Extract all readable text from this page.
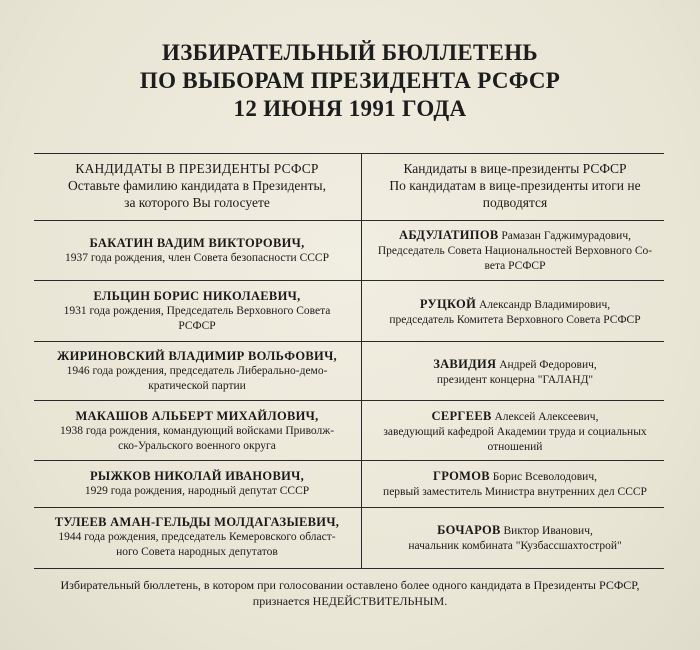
ИЗБИРАТЕЛЬНЫЙ БЮЛЛЕТЕНЬ
ПО ВЫБОРАМ ПРЕЗИДЕНТА РСФСР
12 ИЮНЯ 1991 ГОДА
КАНДИДАТЫ В ПРЕЗИДЕНТЫ РСФСР
Оставьте фамилию кандидата в Президенты,
за которого Вы голосуете
Кандидаты в вице-президенты РСФСР
По кандидатам в вице-президенты итоги не
подводятся
БАКАТИН ВАДИМ ВИКТОРОВИЧ,
1937 года рождения, член Совета безопасности СССР
АБДУЛАТИПОВ Рамазан Гаджимурадович,
Председатель Совета Национальностей Верховного Со-
вета РСФСР
ЕЛЬЦИН БОРИС НИКОЛАЕВИЧ,
1931 года рождения, Председатель Верховного Совета
РСФСР
РУЦКОЙ Александр Владимирович,
председатель Комитета Верховного Совета РСФСР
ЖИРИНОВСКИЙ ВЛАДИМИР ВОЛЬФОВИЧ,
1946 года рождения, председатель Либерально-демо-
кратической партии
ЗАВИДИЯ Андрей Федорович,
президент концерна "ГАЛАНД"
МАКАШОВ АЛЬБЕРТ МИХАЙЛОВИЧ,
1938 года рождения, командующий войсками Приволж-
ско-Уральского военного округа
СЕРГЕЕВ Алексей Алексеевич,
заведующий кафедрой Академии труда и социальных
отношений
РЫЖКОВ НИКОЛАЙ ИВАНОВИЧ,
1929 года рождения, народный депутат СССР
ГРОМОВ Борис Всеволодович,
первый заместитель Министра внутренних дел СССР
ТУЛЕЕВ АМАН-ГЕЛЬДЫ МОЛДАГАЗЫЕВИЧ,
1944 года рождения, председатель Кемеровского област-
ного Совета народных депутатов
БОЧАРОВ Виктор Иванович,
начальник комбината "Кузбассшахтострой"
Избирательный бюллетень, в котором при голосовании оставлено более одного кандидата в Президенты РСФСР,
признается НЕДЕЙСТВИТЕЛЬНЫМ.
